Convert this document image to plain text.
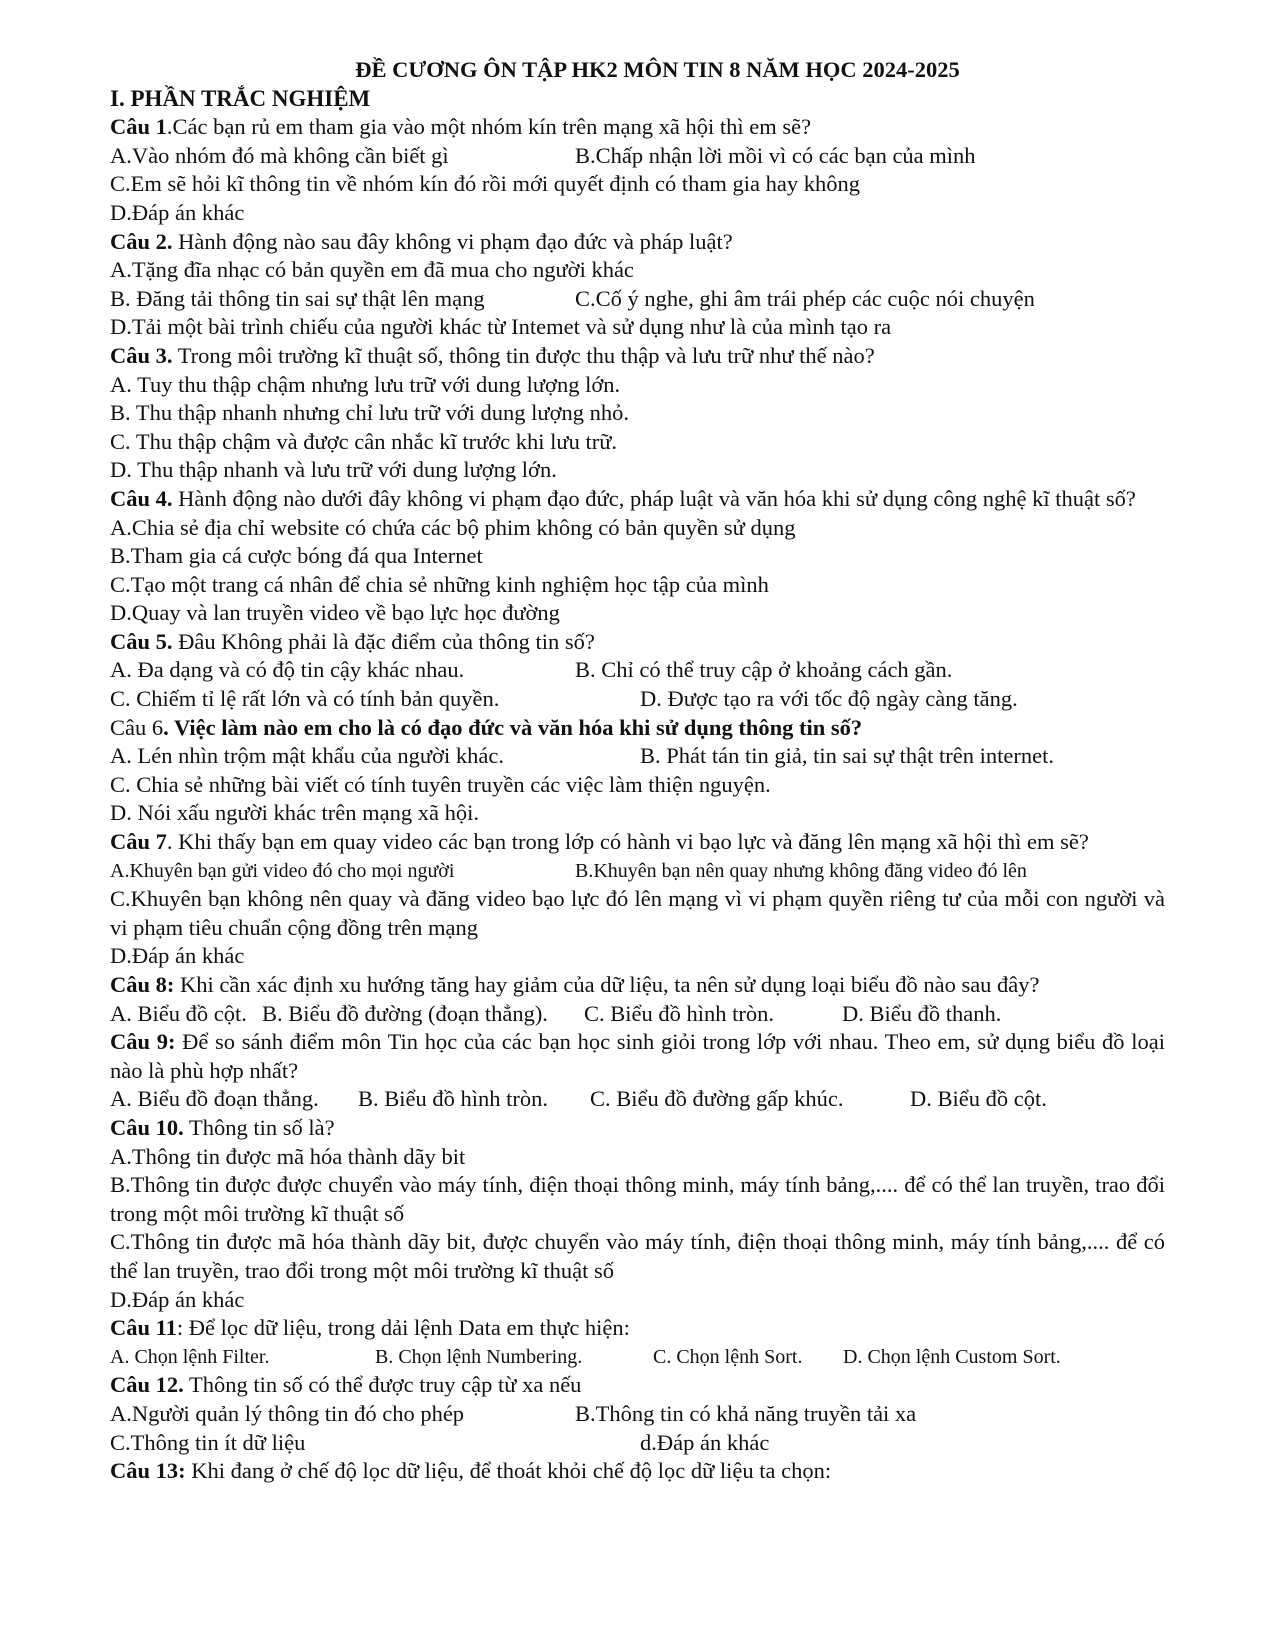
ĐỀ CƯƠNG ÔN TẬP HK2 MÔN TIN 8 NĂM HỌC 2024-2025
I. PHẦN TRẮC NGHIỆM
Câu 1.Các bạn rủ em tham gia vào một nhóm kín trên mạng xã hội thì em sẽ?
A.Vào nhóm đó mà không cần biết gì	B.Chấp nhận lời mồi vì có các bạn của mình
C.Em sẽ hỏi kĩ thông tin về nhóm kín đó rồi mới quyết định có tham gia hay không
D.Đáp án khác
Câu 2. Hành động nào sau đây không vi phạm đạo đức và pháp luật?
A.Tặng đĩa nhạc có bản quyền em đã mua cho người khác
B. Đăng tải thông tin sai sự thật lên mạng	C.Cố ý nghe, ghi âm trái phép các cuộc nói chuyện
D.Tải một bài trình chiếu của người khác từ Intemet và sử dụng như là của mình tạo ra
Câu 3. Trong môi trường kĩ thuật số, thông tin được thu thập và lưu trữ như thế nào?
A. Tuy thu thập chậm nhưng lưu trữ với dung lượng lớn.
B. Thu thập nhanh nhưng chỉ lưu trữ với dung lượng nhỏ.
C. Thu thập chậm và được cân nhắc kĩ trước khi lưu trữ.
D. Thu thập nhanh và lưu trữ với dung lượng lớn.
Câu 4. Hành động nào dưới đây không vi phạm đạo đức, pháp luật và văn hóa khi sử dụng công nghệ kĩ thuật số?
A.Chia sẻ địa chỉ website có chứa các bộ phim không có bản quyền sử dụng
B.Tham gia cá cược bóng đá qua Internet
C.Tạo một trang cá nhân để chia sẻ những kinh nghiệm học tập của mình
D.Quay và lan truyền video về bạo lực học đường
Câu 5. Đâu Không phải là đặc điểm của thông tin số?
A. Đa dạng và có độ tin cậy khác nhau.	B. Chỉ có thể truy cập ở khoảng cách gần.
C. Chiếm tỉ lệ rất lớn và có tính bản quyền.	D. Được tạo ra với tốc độ ngày càng tăng.
Câu 6. Việc làm nào em cho là có đạo đức và văn hóa khi sử dụng thông tin số?
A. Lén nhìn trộm mật khẩu của người khác.	B. Phát tán tin giả, tin sai sự thật trên internet.
C. Chia sẻ những bài viết có tính tuyên truyền các việc làm thiện nguyện.
D. Nói xấu người khác trên mạng xã hội.
Câu 7. Khi thấy bạn em quay video các bạn trong lớp có hành vi bạo lực và đăng lên mạng xã hội thì em sẽ?
A.Khuyên bạn gửi video đó cho mọi người	B.Khuyên bạn nên quay nhưng không đăng video đó lên
C.Khuyên bạn không nên quay và đăng video bạo lực đó lên mạng vì vi phạm quyền riêng tư của mỗi con người và vi phạm tiêu chuẩn cộng đồng trên mạng
D.Đáp án khác
Câu 8: Khi cần xác định xu hướng tăng hay giảm của dữ liệu, ta nên sử dụng loại biểu đồ nào sau đây?
A. Biểu đồ cột. B. Biểu đồ đường (đoạn thẳng). C. Biểu đồ hình tròn.	D. Biểu đồ thanh.
Câu 9: Để so sánh điểm môn Tin học của các bạn học sinh giỏi trong lớp với nhau. Theo em, sử dụng biểu đồ loại nào là phù hợp nhất?
A. Biểu đồ đoạn thẳng. B. Biểu đồ hình tròn. C. Biểu đồ đường gấp khúc.	D. Biểu đồ cột.
Câu 10. Thông tin số là?
A.Thông tin được mã hóa thành dãy bit
B.Thông tin được được chuyển vào máy tính, điện thoại thông minh, máy tính bảng,.... để có thể lan truyền, trao đổi trong một môi trường kĩ thuật số
C.Thông tin được mã hóa thành dãy bit, được chuyển vào máy tính, điện thoại thông minh, máy tính bảng,.... để có thể lan truyền, trao đổi trong một môi trường kĩ thuật số
D.Đáp án khác
Câu 11: Để lọc dữ liệu, trong dải lệnh Data em thực hiện:
A. Chọn lệnh Filter.	B. Chọn lệnh Numbering.	C. Chọn lệnh Sort. D. Chọn lệnh Custom Sort.
Câu 12. Thông tin số có thể được truy cập từ xa nếu
A.Người quản lý thông tin đó cho phép	B.Thông tin có khả năng truyền tải xa
C.Thông tin ít dữ liệu	d.Đáp án khác
Câu 13: Khi đang ở chế độ lọc dữ liệu, để thoát khỏi chế độ lọc dữ liệu ta chọn:
